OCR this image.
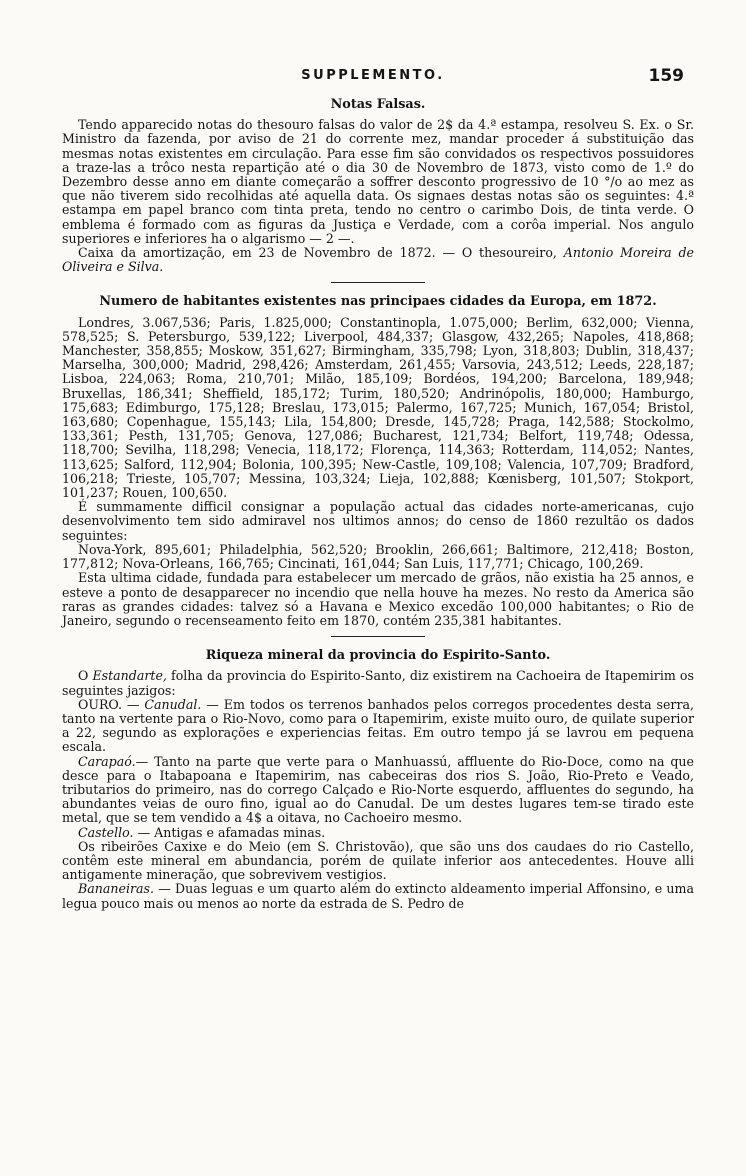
SUPPLEMENTO.	159
Notas Falsas.

Tendo apparecido notas do thesouro falsas do valor de 2$ da 4.ª estampa, resolveu S. Ex. o Sr. Ministro da fazenda, por aviso de 21 do corrente mez, mandar proceder á substituição das mesmas notas existentes em circulação. Para esse fim são convidados os respectivos possuidores a traze-las a trôco nesta repartição até o dia 30 de Novembro de 1873, visto como de 1.º do Dezembro desse anno em diante começarão a soffrer desconto progressivo de 10 °/o ao mez as que não tiverem sido recolhidas até aquella data. Os signaes destas notas são os seguintes: 4.ª estampa em papel branco com tinta preta, tendo no centro o carimbo Dois, de tinta verde. O emblema é formado com as figuras da Justiça e Verdade, com a corôa imperial. Nos angulo superiores e inferiores ha o algarismo — 2 —.

Caixa da amortização, em 23 de Novembro de 1872. — O thesoureiro, Antonio Moreira de Oliveira e Silva.

Numero de habitantes existentes nas principaes cidades da Europa, em 1872.

Londres, 3.067,536; Paris, 1.825,000; Constantinopla, 1.075,000; Berlim, 632,000; Vienna, 578,525; S. Petersburgo, 539,122; Liverpool, 484,337; Glasgow, 432,265; Napoles, 418,868; Manchester, 358,855; Moskow, 351,627; Birmingham, 335,798; Lyon, 318,803; Dublin, 318,437; Marselha, 300,000; Madrid, 298,426; Amsterdam, 261,455; Varsovia, 243,512; Leeds, 228,187; Lisboa, 224,063; Roma, 210,701; Milão, 185,109; Bordéos, 194,200; Barcelona, 189,948; Bruxellas, 186,341; Sheffield, 185,172; Turim, 180,520; Andrinópolis, 180,000; Hamburgo, 175,683; Edimburgo, 175,128; Breslau, 173,015; Palermo, 167,725; Munich, 167,054; Bristol, 163,680; Copenhague, 155,143; Lila, 154,800; Dresde, 145,728; Praga, 142,588; Stockolmo, 133,361; Pesth, 131,705; Genova, 127,086; Bucharest, 121,734; Belfort, 119,748; Odessa, 118,700; Sevilha, 118,298; Venecia, 118,172; Florença, 114,363; Rotterdam, 114,052; Nantes, 113,625; Salford, 112,904; Bolonia, 100,395; New-Castle, 109,108; Valencia, 107,709; Bradford, 106,218; Trieste, 105,707; Messina, 103,324; Lieja, 102,888; Kœnisberg, 101,507; Stokport, 101,237; Rouen, 100,650.

É summamente difficil consignar a população actual das cidades norte-americanas, cujo desenvolvimento tem sido admiravel nos ultimos annos; do censo de 1860 rezultão os dados seguintes:

Nova-York, 895,601; Philadelphia, 562,520; Brooklin, 266,661; Baltimore, 212,418; Boston, 177,812; Nova-Orleans, 166,765; Cincinati, 161,044; San Luis, 117,771; Chicago, 100,269.

Esta ultima cidade, fundada para estabelecer um mercado de grãos, não existia ha 25 annos, e esteve a ponto de desapparecer no incendio que nella houve ha mezes. No resto da America são raras as grandes cidades: talvez só a Havana e Mexico excedão 100,000 habitantes; o Rio de Janeiro, segundo o recenseamento feito em 1870, contém 235,381 habitantes.

Riqueza mineral da provincia do Espirito-Santo.

O Estandarte, folha da provincia do Espirito-Santo, diz existirem na Cachoeira de Itapemirim os seguintes jazigos:

OURO. — Canudal. — Em todos os terrenos banhados pelos corregos procedentes desta serra, tanto na vertente para o Rio-Novo, como para o Itapemirim, existe muito ouro, de quilate superior a 22, segundo as explorações e experiencias feitas. Em outro tempo já se lavrou em pequena escala.

Carapaó.— Tanto na parte que verte para o Manhuassú, affluente do Rio-Doce, como na que desce para o Itabapoana e Itapemirim, nas cabeceiras dos rios S. João, Rio-Preto e Veado, tributarios do primeiro, nas do corrego Calçado e Rio-Norte esquerdo, affluentes do segundo, ha abundantes veias de ouro fino, igual ao do Canudal. De um destes lugares tem-se tirado este metal, que se tem vendido a 4$ a oitava, no Cachoeiro mesmo.

Castello. — Antigas e afamadas minas.

Os ribeirões Caxixe e do Meio (em S. Christovão), que são uns dos caudaes do rio Castello, contêm este mineral em abundancia, porém de quilate inferior aos antecedentes. Houve alli antigamente mineração, que sobrevivem vestigios.

Bananeiras. — Duas leguas e um quarto além do extincto aldeamento imperial Affonsino, e uma legua pouco mais ou menos ao norte da estrada de S. Pedro de
